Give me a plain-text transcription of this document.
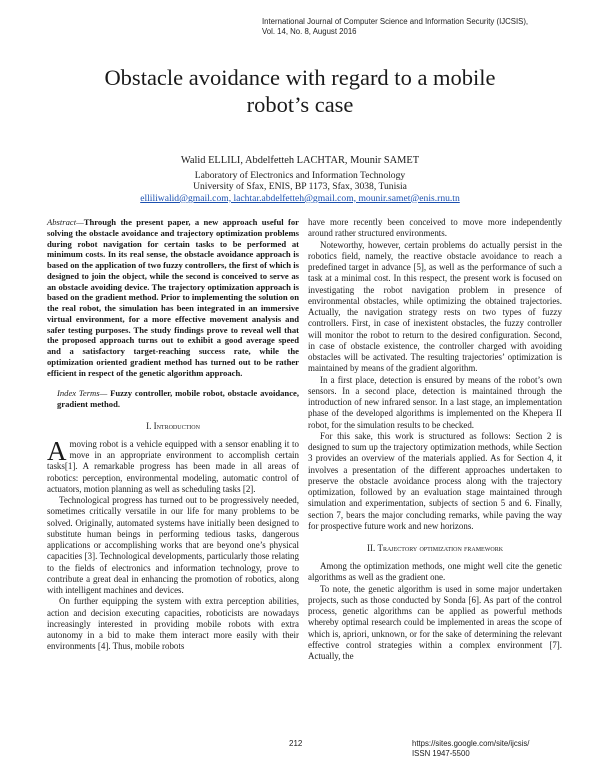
International Journal of Computer Science and Information Security (IJCSIS),
Vol. 14, No. 8, August 2016
Obstacle avoidance with regard to a mobile
robot’s case
Walid ELLILI, Abdelfetteh LACHTAR, Mounir SAMET
Laboratory of Electronics and Information Technology
University of Sfax, ENIS, BP 1173, Sfax, 3038, Tunisia
elliliwalid@gmail.com, lachtar.abdelfetteh@gmail.com, mounir.samet@enis.rnu.tn

Abstract—Through the present paper, a new approach useful for solving the obstacle avoidance and trajectory optimization problems during robot navigation for certain tasks to be performed at minimum costs. In its real sense, the obstacle avoidance approach is based on the application of two fuzzy controllers, the first of which is designed to join the object, while the second is conceived to serve as an obstacle avoiding device. The trajectory optimization approach is based on the gradient method. Prior to implementing the solution on the real robot, the simulation has been integrated in an immersive virtual environment, for a more effective movement analysis and safer testing purposes. The study findings prove to reveal well that the proposed approach turns out to exhibit a good average speed and a satisfactory target-reaching success rate, while the optimization oriented gradient method has turned out to be rather efficient in respect of the genetic algorithm approach.

Index Terms— Fuzzy controller, mobile robot, obstacle avoidance, gradient method.

I. Introduction

Amoving robot is a vehicle equipped with a sensor enabling it to move in an appropriate environment to accomplish certain tasks[1]. A remarkable progress has been made in all areas of robotics: perception, environmental modeling, automatic control of actuators, motion planning as well as scheduling tasks [2].

Technological progress has turned out to be progressively needed, sometimes critically versatile in our life for many problems to be solved. Originally, automated systems have initially been designed to substitute human beings in performing tedious tasks, dangerous applications or accomplishing works that are beyond one’s physical capacities [3]. Technological developments, particularly those relating to the fields of electronics and information technology, prove to contribute a great deal in enhancing the promotion of robotics, along with intelligent machines and devices.

On further equipping the system with extra perception abilities, action and decision executing capacities, roboticists are nowadays increasingly interested in providing mobile robots with extra autonomy in a bid to make them interact more easily with their environments [4]. Thus, mobile robots

have more recently been conceived to move more independently around rather structured environments.

Noteworthy, however, certain problems do actually persist in the robotics field, namely, the reactive obstacle avoidance to reach a predefined target in advance [5], as well as the performance of such a task at a minimal cost. In this respect, the present work is focused on investigating the robot navigation problem in presence of environmental obstacles, while optimizing the obtained trajectories. Actually, the navigation strategy rests on two types of fuzzy controllers. First, in case of inexistent obstacles, the fuzzy controller will monitor the robot to return to the desired configuration. Second, in case of obstacle existence, the controller charged with avoiding obstacles will be activated. The resulting trajectories’ optimization is maintained by means of the gradient algorithm.

In a first place, detection is ensured by means of the robot’s own sensors. In a second place, detection is maintained through the introduction of new infrared sensor. In a last stage, an implementation phase of the developed algorithms is implemented on the Khepera II robot, for the simulation results to be checked.

For this sake, this work is structured as follows: Section 2 is designed to sum up the trajectory optimization methods, while Section 3 provides an overview of the materials applied. As for Section 4, it involves a presentation of the different approaches undertaken to preserve the obstacle avoidance process along with the trajectory optimization, followed by an evaluation stage maintained through simulation and experimentation, subjects of section 5 and 6. Finally, section 7, bears the major concluding remarks, while paving the way for prospective future work and new horizons.

II. Trajectory optimization framework

Among the optimization methods, one might well cite the genetic algorithms as well as the gradient one.

To note, the genetic algorithm is used in some major undertaken projects, such as those conducted by Sonda [6]. As part of the control process, genetic algorithms can be applied as powerful methods whereby optimal research could be implemented in areas the scope of which is, apriori, unknown, or for the sake of determining the relevant effective control strategies within a complex environment [7]. Actually, the

212	https://sites.google.com/site/ijcsis/
ISSN 1947-5500
